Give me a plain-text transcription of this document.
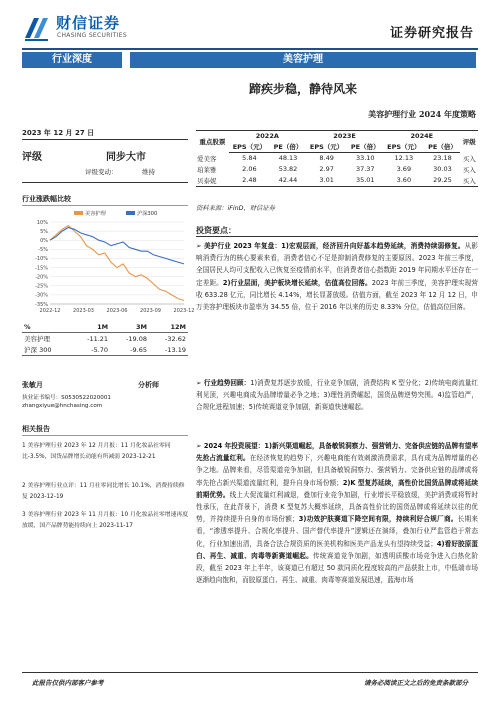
财信证券
CHASING SECURITIES	证券研究报告
行业深度	美容护理
蹄疾步稳，静待风来
美容护理行业 2024 年度策略
2023 年 12 月 27 日
评级	同步大市
评级变动：	维持
行业涨跌幅比较
10%
5%
0%
-5%
-10%
-15%
-20%
-25%
-30%
-35%
2022-12	2023-03	2023-06	2023-09	2023-12
美容护理	沪深300
%	1M	3M	12M
美容护理	-11.21	-19.08	-32.62
沪深 300	-5.70	-9.65	-13.19
张敏月	分析师
执业证书编号：S0530522020001
zhangxiyue@hnchasing.com
相关报告
1 美容护理行业 2023 年 12 月月报：11 月化妆品社零同比-3.5%，国货品牌增长动能有所减弱 2023-12-21
2 美容护理行业点评：11 月社零同比增长 10.1%，消费持续修复 2023-12-19
3 美容护理行业 2023 年 11 月月报：10 月化妆品社零增速再度放缓，国产品牌势能持续向上 2023-11-17
重点股票	2022A		2023E		2024E		评级
	EPS（元）	PE（倍）	EPS（元）	PE（倍）	EPS（元）	PE（倍）	
爱美客	5.84	48.13	8.49	33.10	12.13	23.18	买入
珀莱雅	2.06	53.82	2.97	37.37	3.69	30.03	买入
贝泰妮	2.48	42.44	3.01	35.01	3.60	29.25	买入
资料来源：iFinD，财信证券
投资要点：
➢ 美护行业 2023 年复盘：1)宏观层面，经济回升向好基本趋势延续，消费持续弱修复。从影响消费行为的核心要素来看，消费者信心不足是抑制消费修复的主要原因。2023 年前三季度，全国居民人均可支配收入已恢复至疫情前水平，但消费者信心指数距 2019 年同期水平还存在一定差距。2)行业层面，美护板块增长延续，估值高位回落。2023 年前三季度，美容护理实现营收 633.28 亿元，同比增长 4.14%，增长显著放缓。估值方面，截至 2023 年 12 月 12 日，申万美容护理板块市盈率为 34.55 倍，位于 2016 年以来的历史 8.33% 分位，估值高位回落。
➢ 行业趋势回顾：1)消费复苏逐步放缓，行业竞争加剧，消费结构 K 型分化；2)传统电商流量红利见顶，兴趣电商成为品牌增量必争之地；3)理性消费崛起，国货品牌逆势突围。4)监管趋严，合规化进程加速；5)传统赛道竞争加剧，新赛道快速崛起。
➢ 2024 年投资展望：1)新兴渠道崛起，具备敏锐洞察力、强营销力、完备供应链的品牌有望率先抢占流量红利。在经济恢复的趋势下，兴趣电商能有效刺激消费需求，具有成为品牌增量的必争之地。品牌来看，尽管渠道竞争加剧，但具备敏锐洞察力、强营销力、完备供应链的品牌或将率先抢占新兴渠道流量红利，提升自身市场份额；2)K 型复苏延续，高性价比国货品牌或将延续前期优势。线上大促流量红利减退，叠加行业竞争加剧，行业增长平稳放缓，美护消费或将暂时性承压，在此背景下，消费 K 型复苏大概率延续，具备高性价比的国货品牌或将延续以往的优势，并持续提升自身的市场份额；3)功效护肤赛道下降空间有限，持续利好合规厂商。长期来看，“渗透率提升、合规化率提升、国产替代率提升”逻辑还在演绎，叠加行业严监管趋于常态化，行业加速出清，具备合法合规资质的医美机构和医美产品龙头有望持续受益；4)看好胶原蛋白、再生、减重、肉毒等新赛道崛起。传统赛道竞争加剧，如透明质酸市场竞争进入白热化阶段，截至 2023 年上半年，该赛道已有超过 50 款同质化程度较高的产品获批上市，中低端市场逐渐趋向饱和，而胶原蛋白、再生、减重、肉毒等赛道发展迅速，蓝海市场
此报告仅供内部客户参考	请务必阅读正文之后的免责条款部分
